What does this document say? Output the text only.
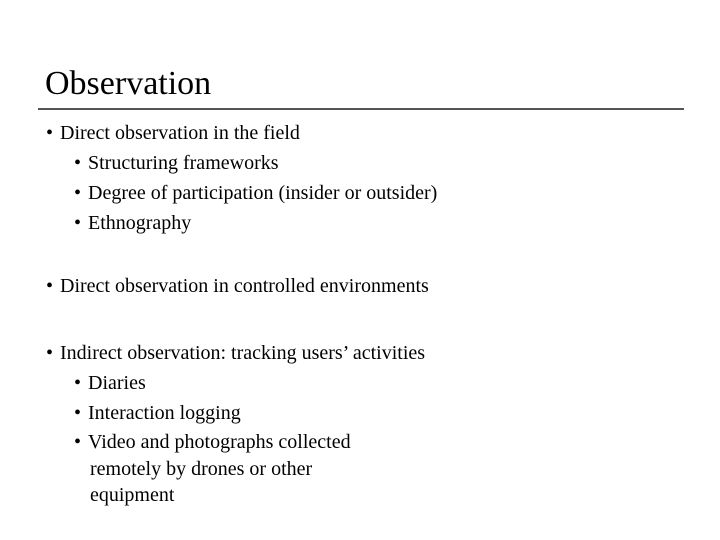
Observation
• Direct observation in the field
• Structuring frameworks
• Degree of participation (insider or outsider)
• Ethnography
• Direct observation in controlled environments
• Indirect observation: tracking users’ activities
• Diaries
• Interaction logging
• Video and photographs collected
remotely by drones or other
equipment
